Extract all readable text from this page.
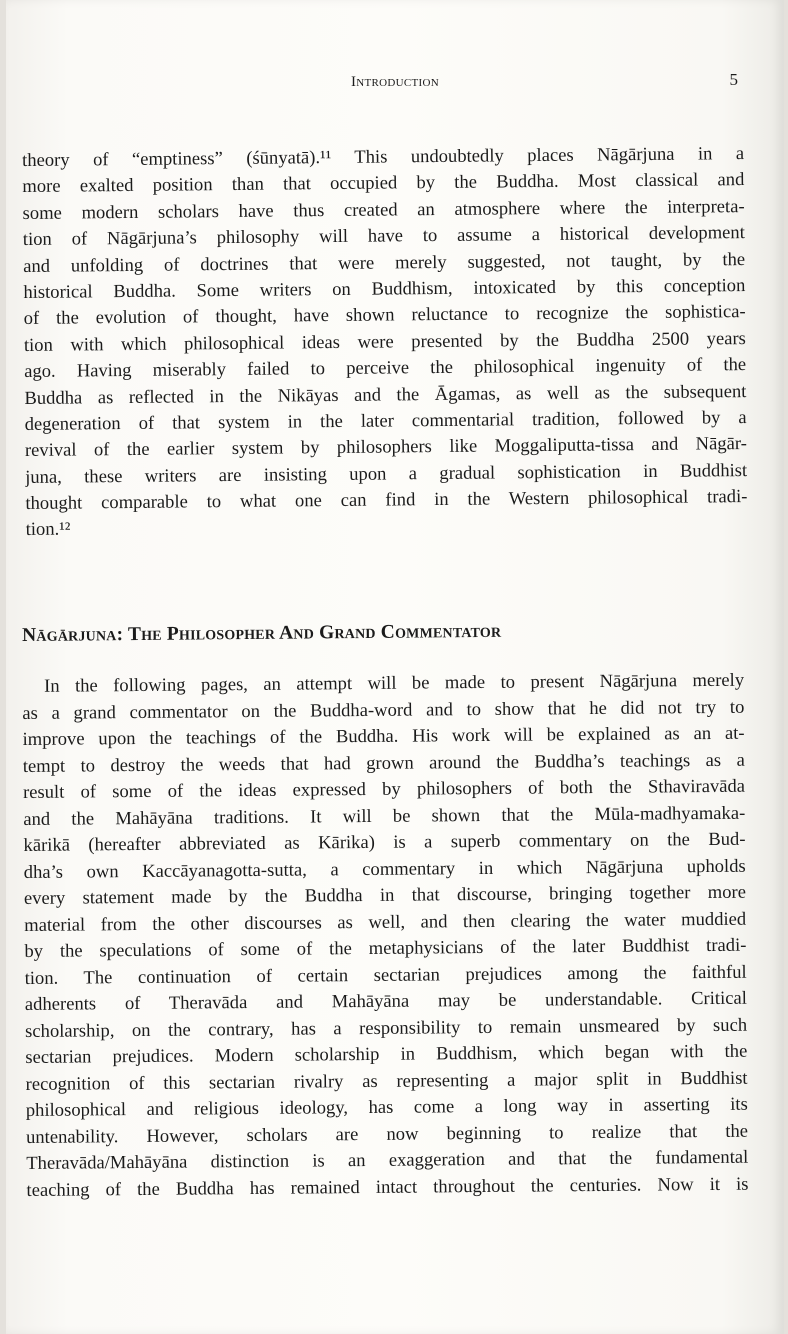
Introduction	5
theory of “emptiness” (śūnyatā).¹¹ This undoubtedly places Nāgārjuna in a
more exalted position than that occupied by the Buddha. Most classical and
some modern scholars have thus created an atmosphere where the interpreta-
tion of Nāgārjuna’s philosophy will have to assume a historical development
and unfolding of doctrines that were merely suggested, not taught, by the
historical Buddha. Some writers on Buddhism, intoxicated by this conception
of the evolution of thought, have shown reluctance to recognize the sophistica-
tion with which philosophical ideas were presented by the Buddha 2500 years
ago. Having miserably failed to perceive the philosophical ingenuity of the
Buddha as reflected in the Nikāyas and the Āgamas, as well as the subsequent
degeneration of that system in the later commentarial tradition, followed by a
revival of the earlier system by philosophers like Moggaliputta-tissa and Nāgār-
juna, these writers are insisting upon a gradual sophistication in Buddhist
thought comparable to what one can find in the Western philosophical tradi-
tion.¹²
Nāgārjuna: The Philosopher And Grand Commentator
In the following pages, an attempt will be made to present Nāgārjuna merely
as a grand commentator on the Buddha-word and to show that he did not try to
improve upon the teachings of the Buddha. His work will be explained as an at-
tempt to destroy the weeds that had grown around the Buddha’s teachings as a
result of some of the ideas expressed by philosophers of both the Sthaviravāda
and the Mahāyāna traditions. It will be shown that the Mūla-madhyamaka-
kārikā (hereafter abbreviated as Kārika) is a superb commentary on the Bud-
dha’s own Kaccāyanagotta-sutta, a commentary in which Nāgārjuna upholds
every statement made by the Buddha in that discourse, bringing together more
material from the other discourses as well, and then clearing the water muddied
by the speculations of some of the metaphysicians of the later Buddhist tradi-
tion. The continuation of certain sectarian prejudices among the faithful
adherents of Theravāda and Mahāyāna may be understandable. Critical
scholarship, on the contrary, has a responsibility to remain unsmeared by such
sectarian prejudices. Modern scholarship in Buddhism, which began with the
recognition of this sectarian rivalry as representing a major split in Buddhist
philosophical and religious ideology, has come a long way in asserting its
untenability. However, scholars are now beginning to realize that the
Theravāda/Mahāyāna distinction is an exaggeration and that the fundamental
teaching of the Buddha has remained intact throughout the centuries. Now it is
